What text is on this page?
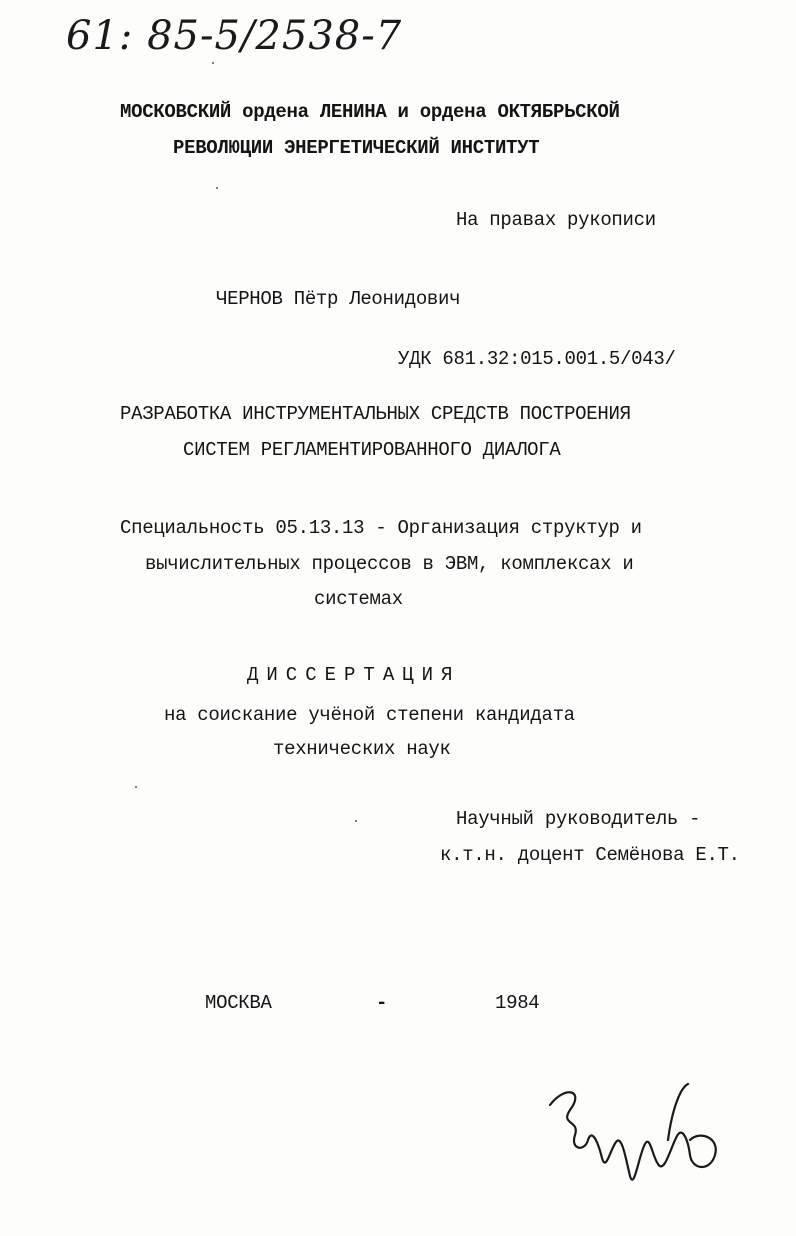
61: 85-5/2538-7
МОСКОВСКИЙ ордена ЛЕНИНА и ордена ОКТЯБРЬСКОЙ
РЕВОЛЮЦИИ ЭНЕРГЕТИЧЕСКИЙ ИНСТИТУТ
На правах рукописи
ЧЕРНОВ Пётр Леонидович
УДК 681.32:015.001.5/043/
РАЗРАБОТКА ИНСТРУМЕНТАЛЬНЫХ СРЕДСТВ ПОСТРОЕНИЯ
СИСТЕМ РЕГЛАМЕНТИРОВАННОГО ДИАЛОГА
Специальность 05.13.13 - Организация структур и
вычислительных процессов в ЭВМ, комплексах и
системах
ДИССЕРТАЦИЯ
на соискание учёной степени кандидата
технических наук
Научный руководитель -
к.т.н. доцент Семёнова Е.Т.
МОСКВА	-	1984
